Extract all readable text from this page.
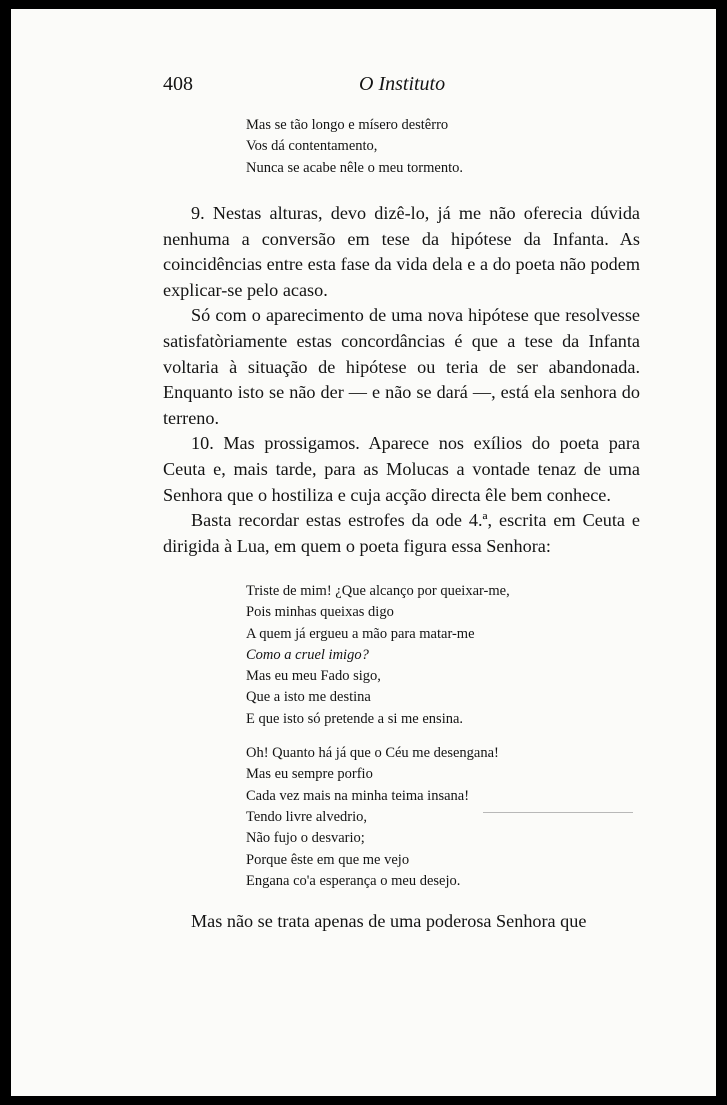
408	O Instituto
Mas se tão longo e mísero destêrro
Vos dá contentamento,
Nunca se acabe nêle o meu tormento.

9. Nestas alturas, devo dizê-lo, já me não oferecia dúvida nenhuma a conversão em tese da hipótese da Infanta. As coincidências entre esta fase da vida dela e a do poeta não podem explicar-se pelo acaso.

Só com o aparecimento de uma nova hipótese que resolvesse satisfatòriamente estas concordâncias é que a tese da Infanta voltaria à situação de hipótese ou teria de ser abandonada. Enquanto isto se não der — e não se dará —, está ela senhora do terreno.

10. Mas prossigamos. Aparece nos exílios do poeta para Ceuta e, mais tarde, para as Molucas a vontade tenaz de uma Senhora que o hostiliza e cuja acção directa êle bem conhece.

Basta recordar estas estrofes da ode 4.ª, escrita em Ceuta e dirigida à Lua, em quem o poeta figura essa Senhora:

Triste de mim! ¿Que alcanço por queixar-me,
Pois minhas queixas digo
A quem já ergueu a mão para matar-me
Como a cruel imigo?
Mas eu meu Fado sigo,
Que a isto me destina
E que isto só pretende a si me ensina.
Oh! Quanto há já que o Céu me desengana!
Mas eu sempre porfio
Cada vez mais na minha teima insana!
Tendo livre alvedrio,
Não fujo o desvario;
Porque êste em que me vejo
Engana co'a esperança o meu desejo.

Mas não se trata apenas de uma poderosa Senhora que
